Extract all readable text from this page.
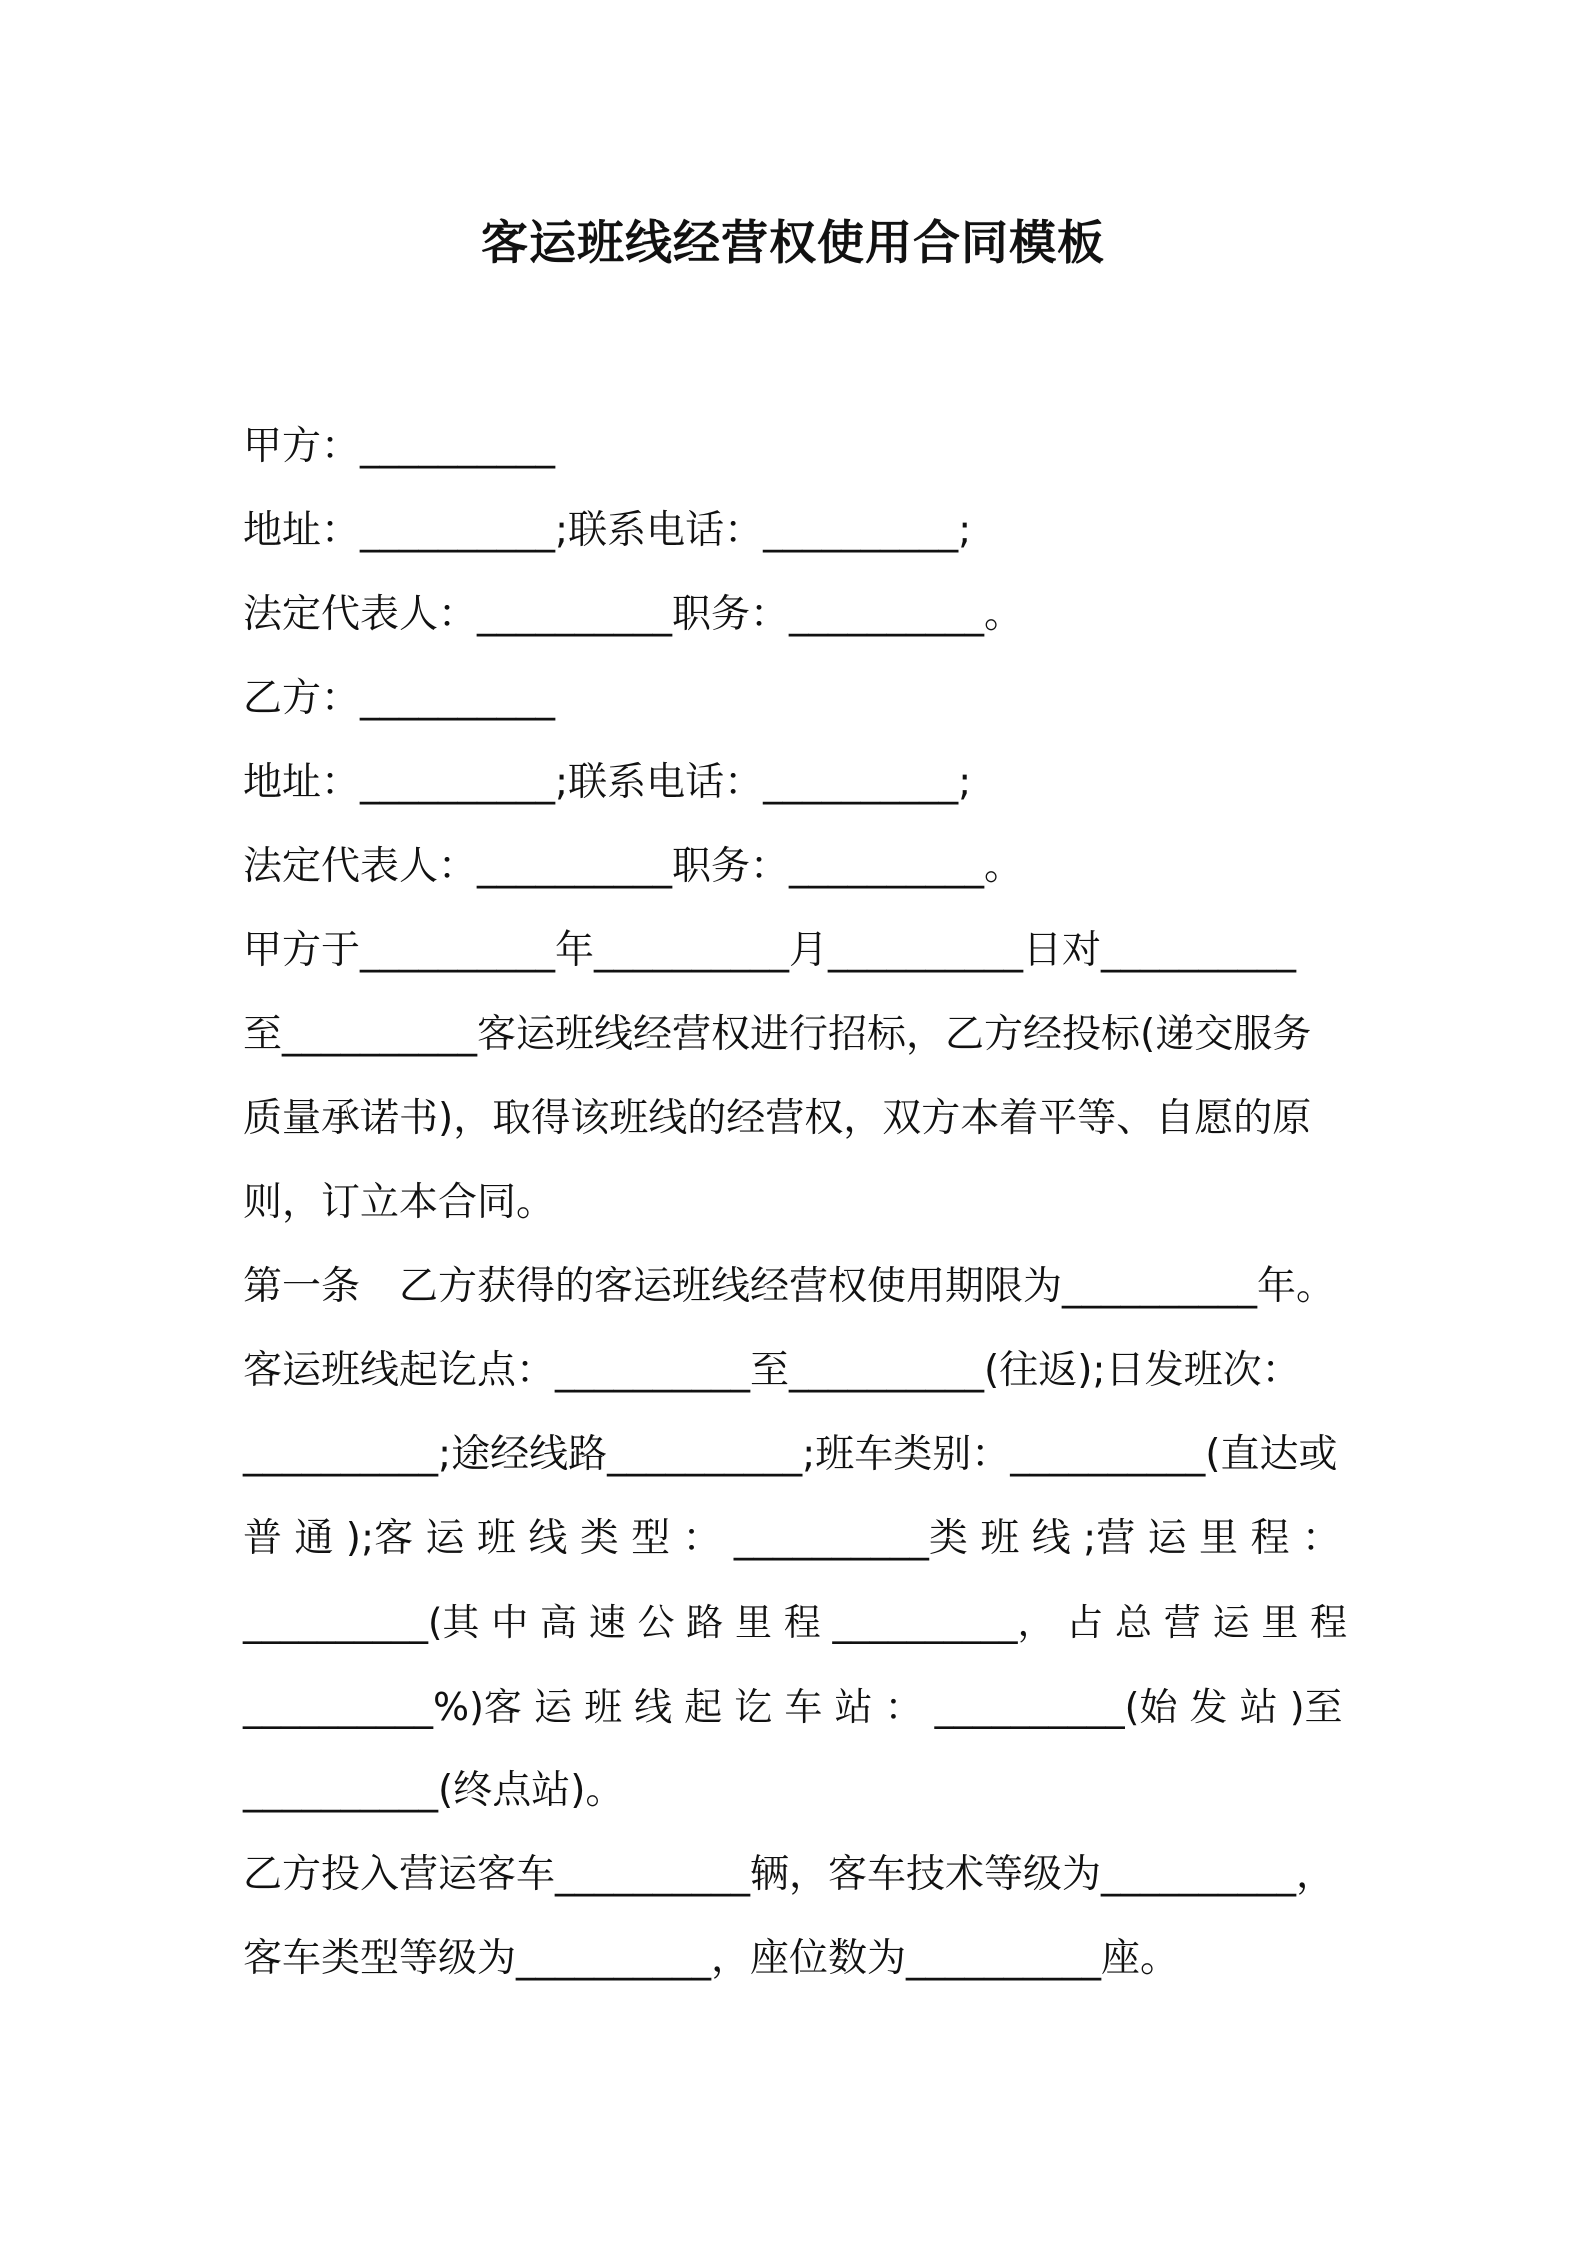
客运班线经营权使用合同模板

甲方：__________

地址：__________;联系电话：__________;

法定代表人：__________职务：__________。

乙方：__________

地址：__________;联系电话：__________;

法定代表人：__________职务：__________。

甲方于__________年__________月__________日对__________

至__________客运班线经营权进行招标，乙方经投标(递交服务

质量承诺书)，取得该班线的经营权，双方本着平等、自愿的原

则，订立本合同。

第一条　乙方获得的客运班线经营权使用期限为__________年。

客运班线起讫点：__________至__________(往返);日发班次：

__________;途经线路__________;班车类别：__________(直达或

普 通 );客 运 班 线 类 型 ： __________类 班 线 ;营 运 里 程 ：

__________(其 中 高 速 公 路 里 程 __________， 占 总 营 运 里 程

__________%)客 运 班 线 起 讫 车 站 ： __________(始 发 站 )至

__________(终点站)。

乙方投入营运客车__________辆，客车技术等级为__________，

客车类型等级为__________，座位数为__________座。
